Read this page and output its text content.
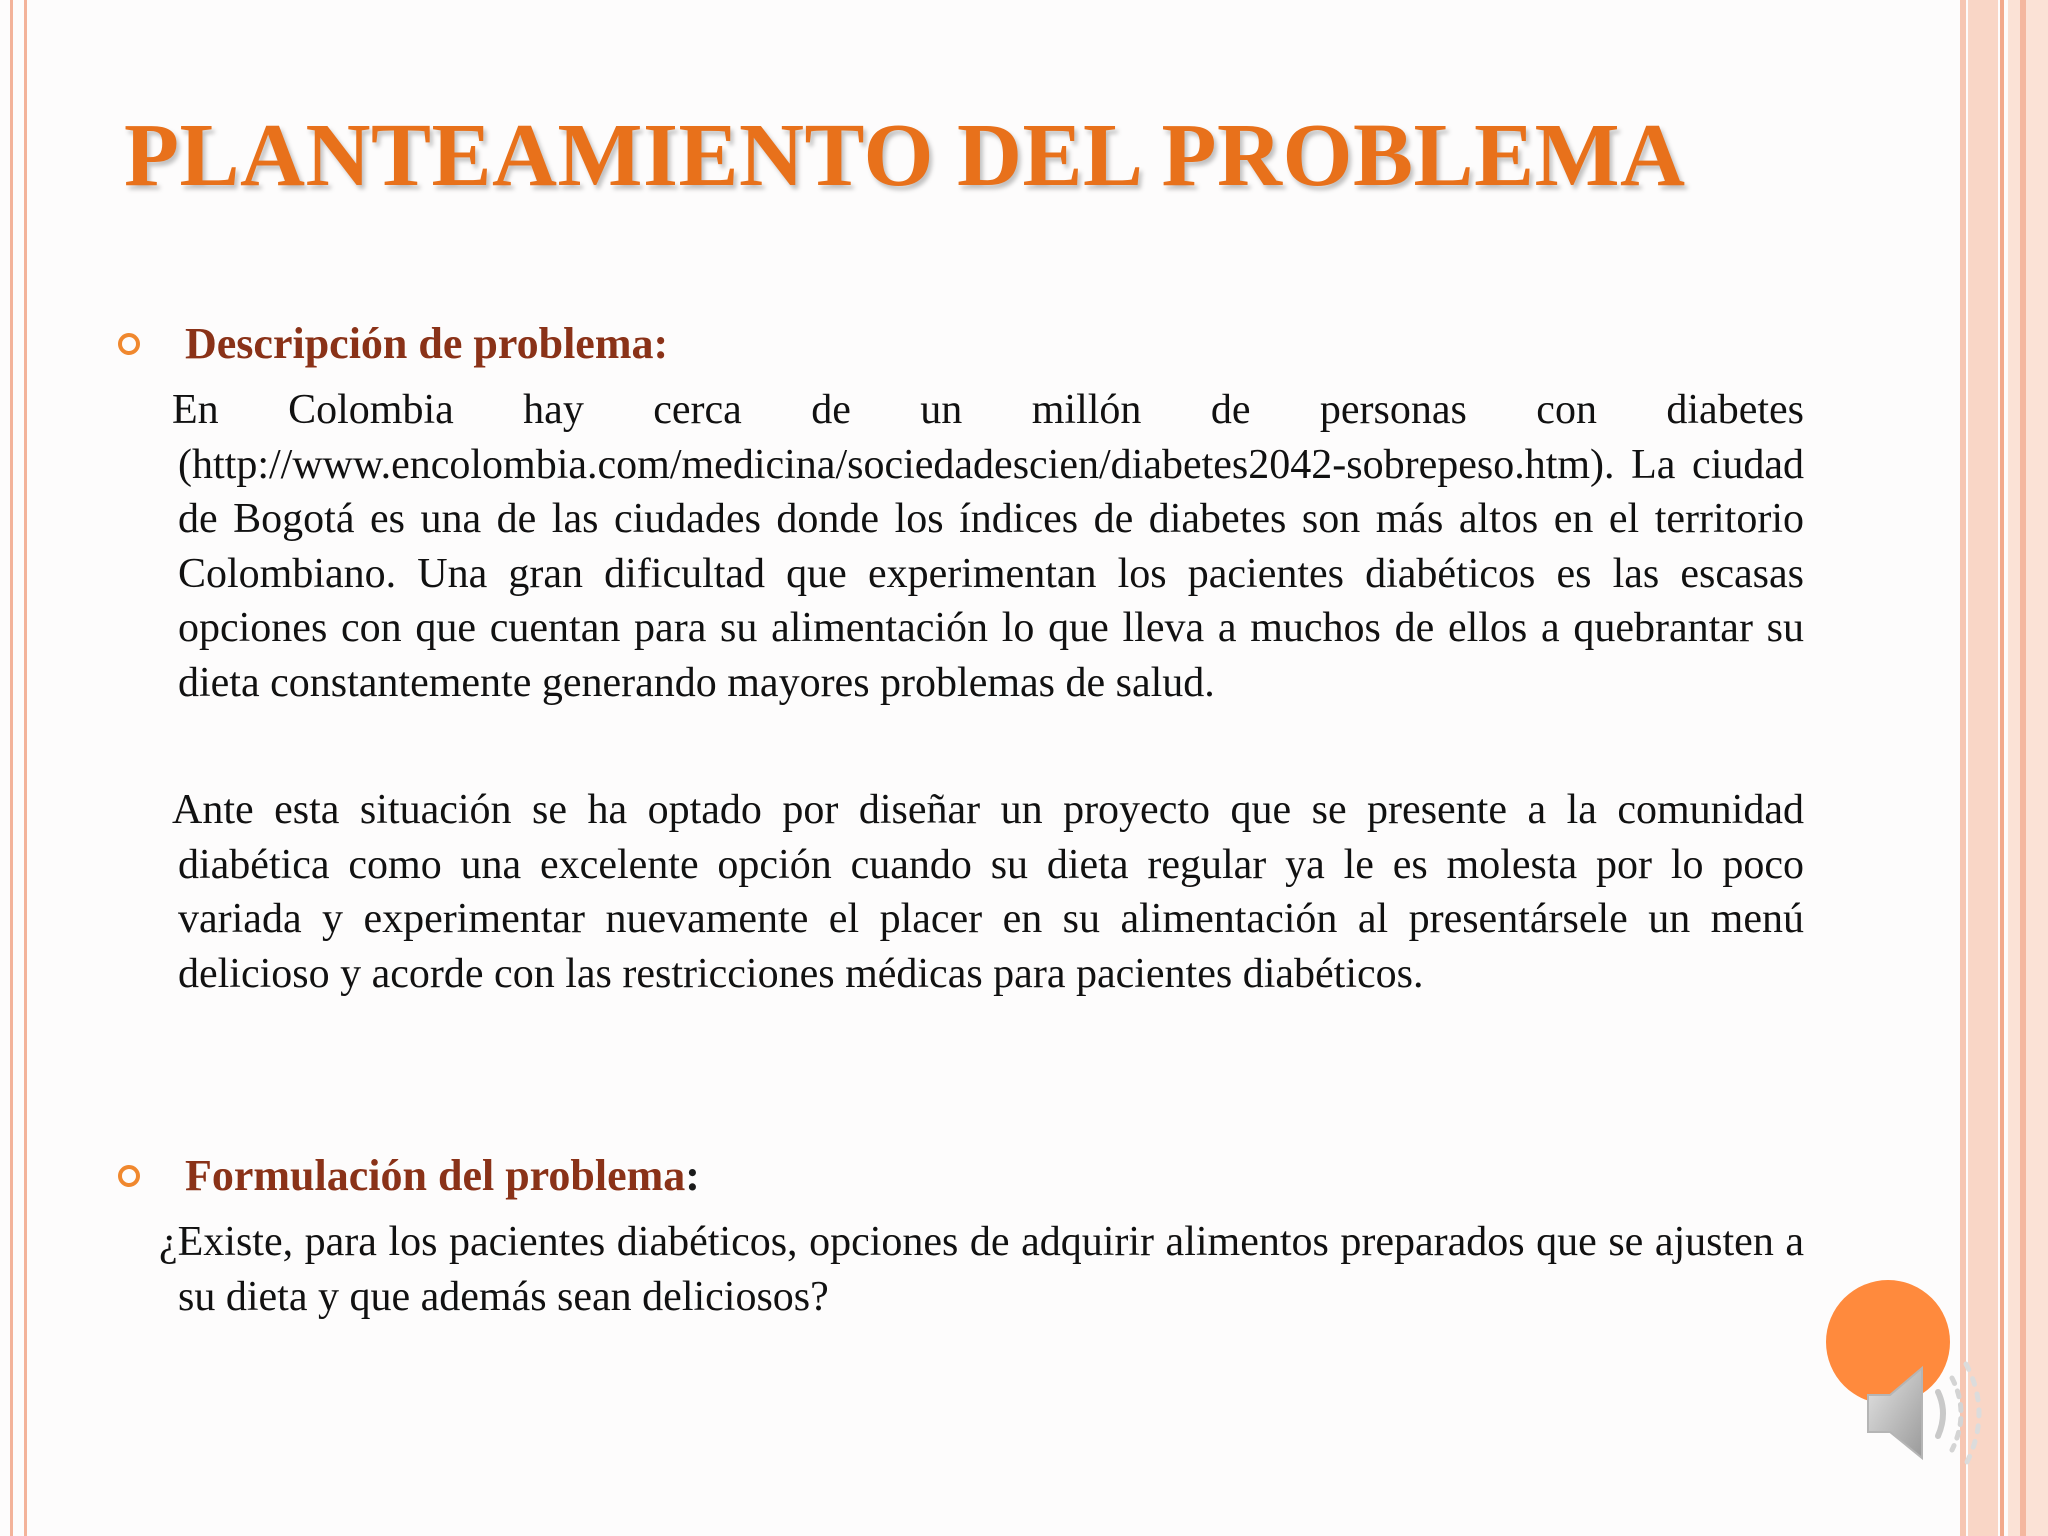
PLANTEAMIENTO DEL PROBLEMA
Descripción de problema:

En Colombia hay cerca de un millón de personas con diabetes (http://www.encolombia.com/medicina/sociedadescien/diabetes2042-sobrepeso.htm). La ciudad de Bogotá es una de las ciudades donde los índices de diabetes son más altos en el territorio Colombiano. Una gran dificultad que experimentan los pacientes diabéticos es las escasas opciones con que cuentan para su alimentación lo que lleva a muchos de ellos a quebrantar su dieta constantemente generando mayores problemas de salud.

Ante esta situación se ha optado por diseñar un proyecto que se presente a la comunidad diabética como una excelente opción cuando su dieta regular ya le es molesta por lo poco variada y experimentar nuevamente el placer en su alimentación al presentársele un menú delicioso y acorde con las restricciones médicas para pacientes diabéticos.

Formulación del problema :

¿Existe, para los pacientes diabéticos, opciones de adquirir alimentos preparados que se ajusten a su dieta y que además sean deliciosos?
